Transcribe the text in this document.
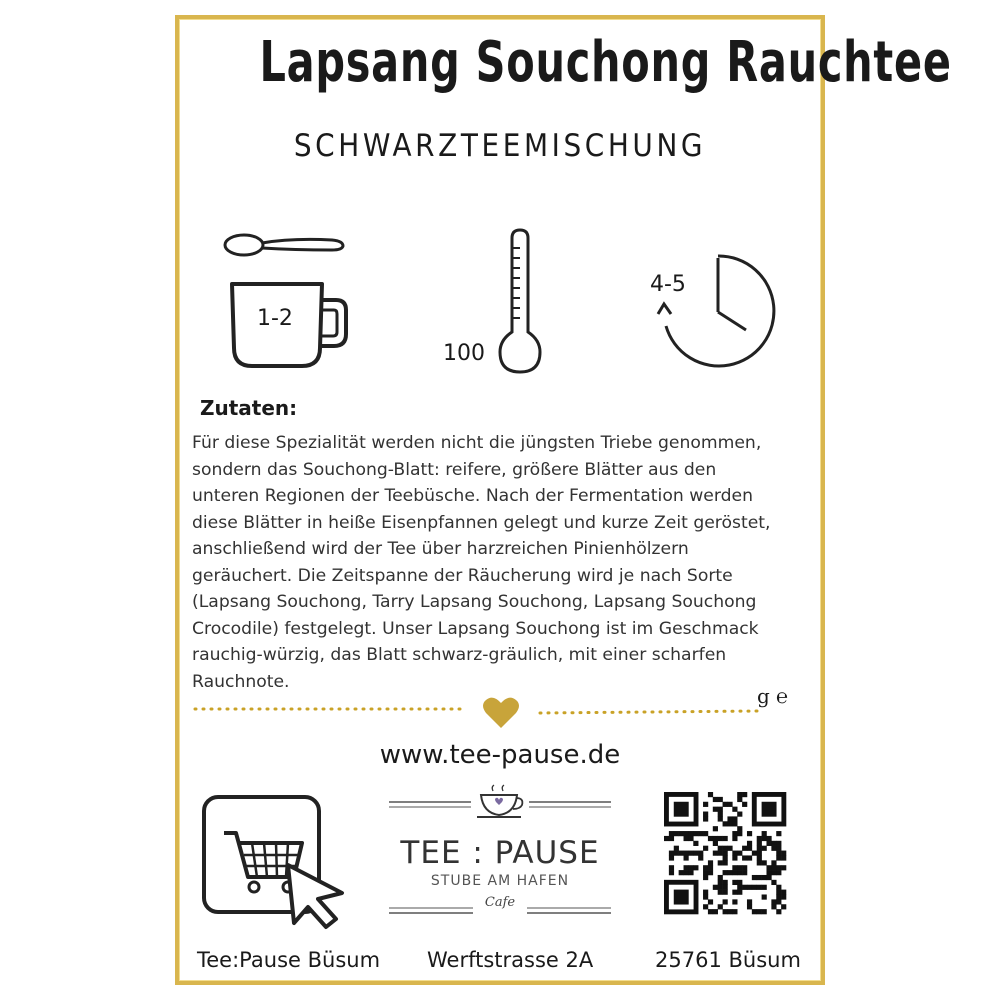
Lapsang Souchong Rauchtee
SCHWARZTEEMISCHUNG
1-2
100
4-5
Zutaten:
Für diese Spezialität werden nicht die jüngsten Triebe genommen,
sondern das Souchong-Blatt: reifere, größere Blätter aus den
unteren Regionen der Teebüsche. Nach der Fermentation werden
diese Blätter in heiße Eisenpfannen gelegt und kurze Zeit geröstet,
anschließend wird der Tee über harzreichen Pinienhölzern
geräuchert. Die Zeitspanne der Räucherung wird je nach Sorte
(Lapsang Souchong, Tarry Lapsang Souchong, Lapsang Souchong
Crocodile) festgelegt. Unser Lapsang Souchong ist im Geschmack
rauchig-würzig, das Blatt schwarz-gräulich, mit einer scharfen
Rauchnote.
g ℮
www.tee-pause.de
TEE : PAUSE
STUBE AM HAFEN
Cafe
Tee:Pause Büsum Werftstrasse 2A	25761 Büsum
